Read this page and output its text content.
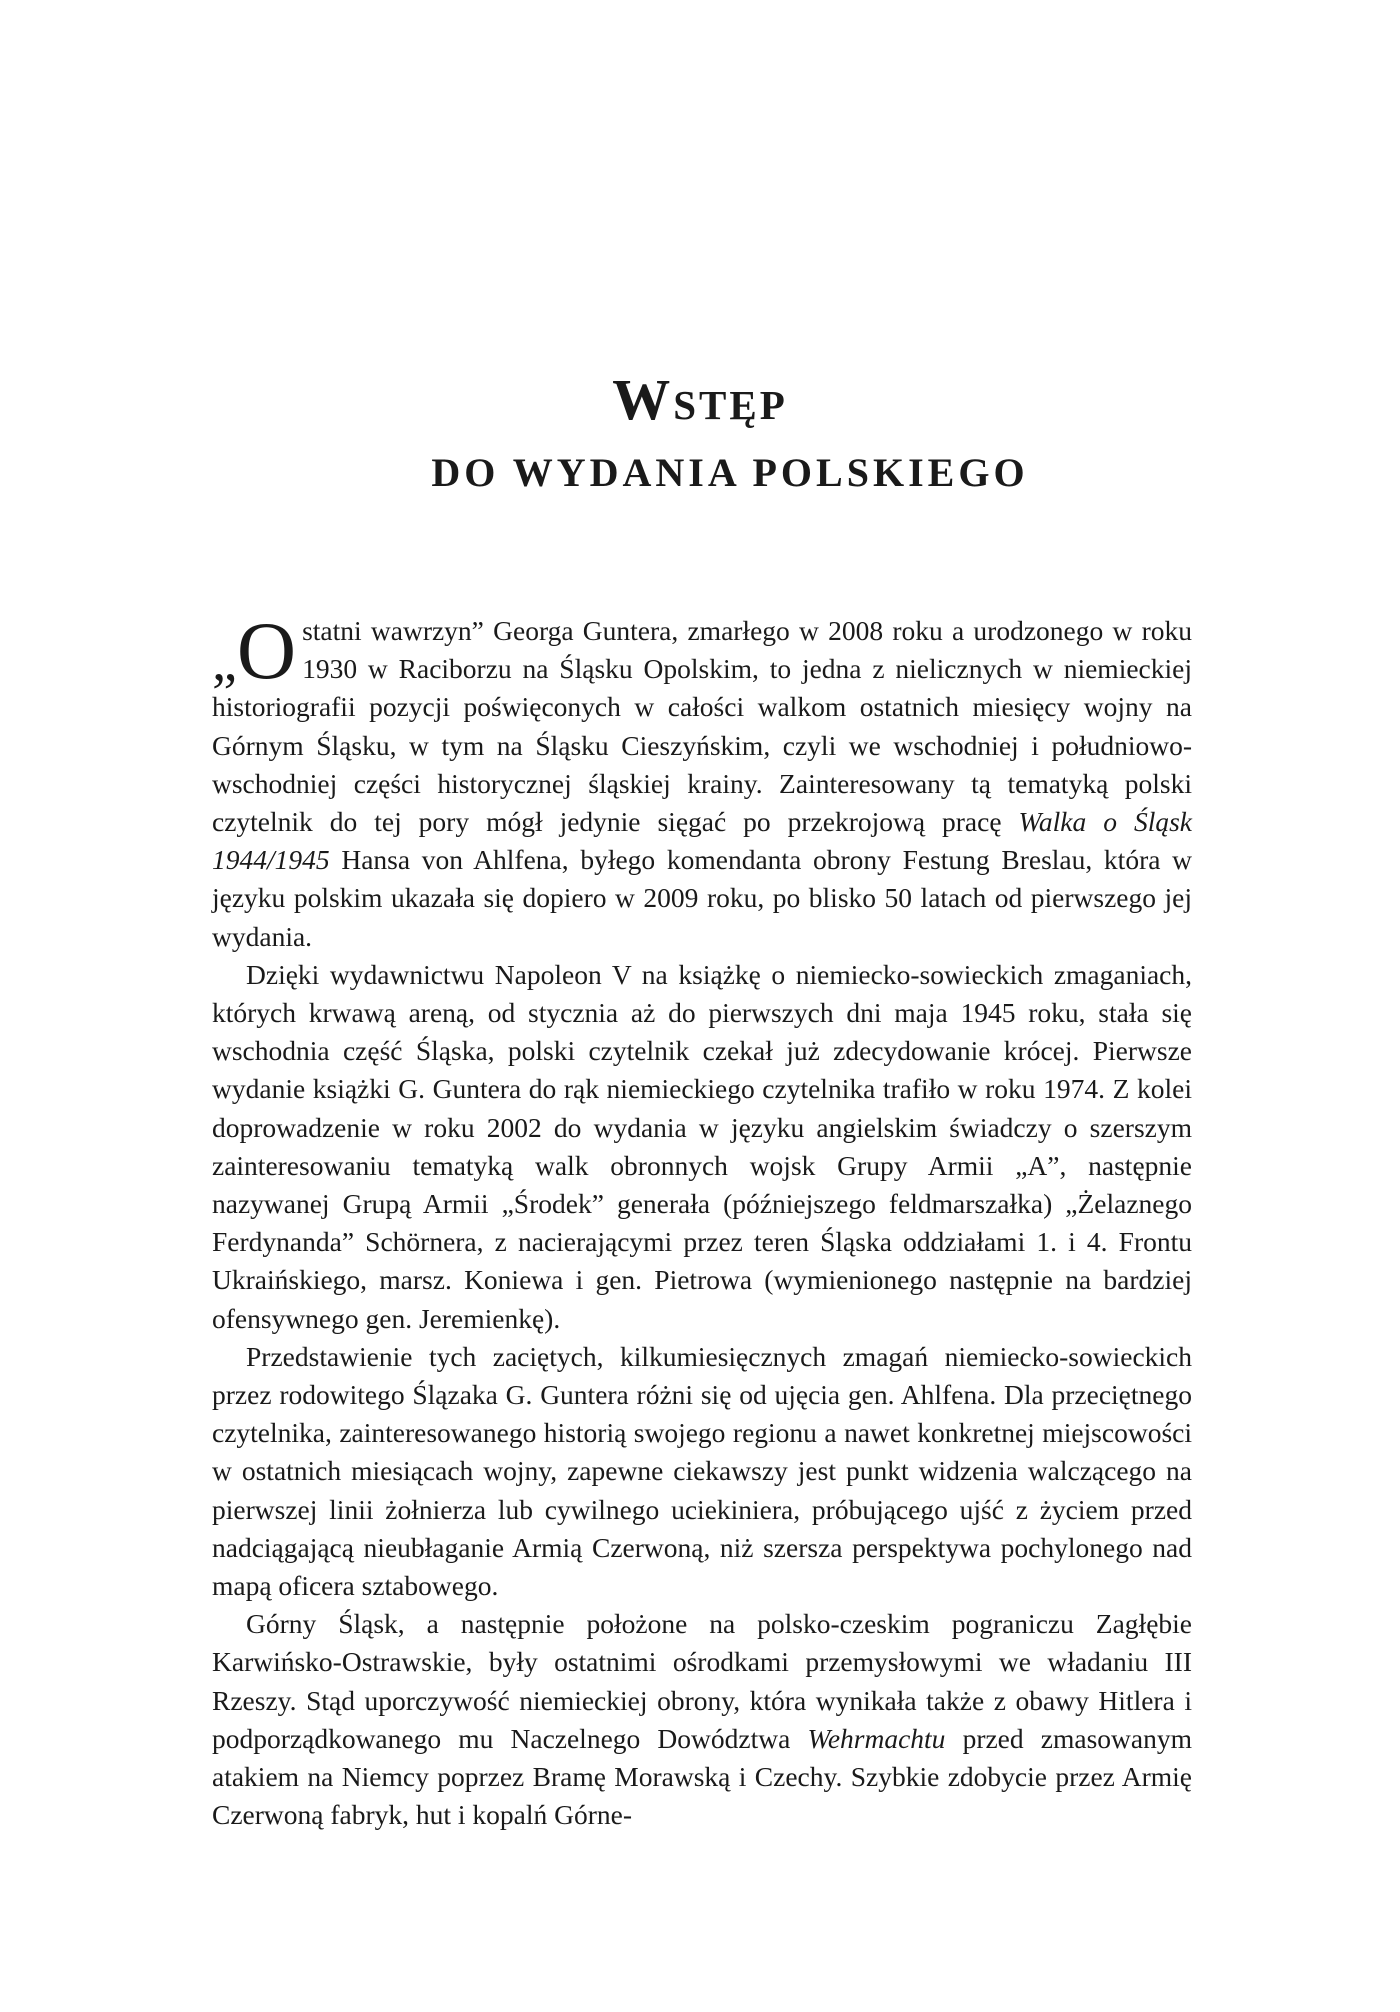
Wstęp
DO WYDANIA POLSKIEGO

„ O statni wawrzyn” Georga Guntera, zmarłego w 2008 roku a urodzonego w roku 1930 w Raciborzu na Śląsku Opolskim, to jedna z nielicznych w niemieckiej historiografii pozycji poświęconych w całości walkom ostatnich miesięcy wojny na Górnym Śląsku, w tym na Śląsku Cieszyńskim, czyli we wschodniej i południowo-wschodniej części historycznej śląskiej krainy. Zainteresowany tą tematyką polski czytelnik do tej pory mógł jedynie sięgać po przekrojową pracę Walka o Śląsk 1944/1945 Hansa von Ahlfena, byłego komendanta obrony Festung Breslau, która w języku polskim ukazała się dopiero w 2009 roku, po blisko 50 latach od pierwszego jej wydania.

Dzięki wydawnictwu Napoleon V na książkę o niemiecko-sowieckich zmaganiach, których krwawą areną, od stycznia aż do pierwszych dni maja 1945 roku, stała się wschodnia część Śląska, polski czytelnik czekał już zdecydowanie krócej. Pierwsze wydanie książki G. Guntera do rąk niemieckiego czytelnika trafiło w roku 1974. Z kolei doprowadzenie w roku 2002 do wydania w języku angielskim świadczy o szerszym zainteresowaniu tematyką walk obronnych wojsk Grupy Armii „A”, następnie nazywanej Grupą Armii „Środek” generała (późniejszego feldmarszałka) „Żelaznego Ferdynanda” Schörnera, z nacierającymi przez teren Śląska oddziałami 1. i 4. Frontu Ukraińskiego, marsz. Koniewa i gen. Pietrowa (wymienionego następnie na bardziej ofensywnego gen. Jeremienkę).

Przedstawienie tych zaciętych, kilkumiesięcznych zmagań niemiecko-sowieckich przez rodowitego Ślązaka G. Guntera różni się od ujęcia gen. Ahlfena. Dla przeciętnego czytelnika, zainteresowanego historią swojego regionu a nawet konkretnej miejscowości w ostatnich miesiącach wojny, zapewne ciekawszy jest punkt widzenia walczącego na pierwszej linii żołnierza lub cywilnego uciekiniera, próbującego ujść z życiem przed nadciągającą nieubłaganie Armią Czerwoną, niż szersza perspektywa pochylonego nad mapą oficera sztabowego.

Górny Śląsk, a następnie położone na polsko-czeskim pograniczu Zagłębie Karwińsko-Ostrawskie, były ostatnimi ośrodkami przemysłowymi we władaniu III Rzeszy. Stąd uporczywość niemieckiej obrony, która wynikała także z obawy Hitlera i podporządkowanego mu Naczelnego Dowództwa Wehrmachtu przed zmasowanym atakiem na Niemcy poprzez Bramę Morawską i Czechy. Szybkie zdobycie przez Armię Czerwoną fabryk, hut i kopalń Górne-
